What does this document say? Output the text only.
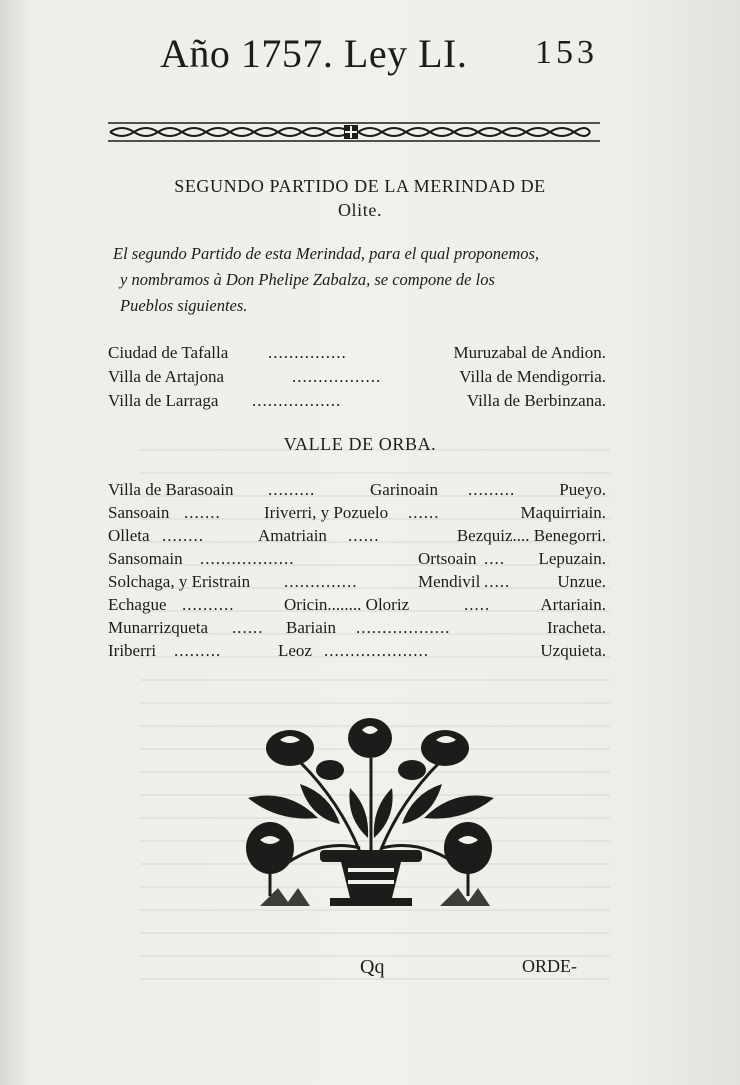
Año 1757. Ley LI. 153
SEGUNDO PARTIDO DE LA MERINDAD DE
Olite.
El segundo Partido de esta Merindad, para el qual proponemos,
y nombramos à Don Phelipe Zabalza, se compone de los
Pueblos siguientes.
Ciudad de Tafalla ...............	Muruzabal de Andion.
Villa de Artajona	.................	Villa de Mendigorria.
Villa de Larraga .................	Villa de Berbinzana.
VALLE DE ORBA.
Villa de Barasoain .........	Garinoain .........	Pueyo.
Sansoain .......	Iriverri, y Pozuelo ......	Maquirriain.
Olleta ........	Amatriain ......	Bezquiz.... Benegorri.
Sansomain ..................	Ortsoain .... Lepuzain.
Solchaga, y Eristrain ..............	Mendivil .....	Unzue.
Echague ..........	Oricin........ Oloriz	.....	Artariain.
Munarrizqueta ...... Bariain ..................	Iracheta.
Iriberri .........	Leoz ....................	Uzquieta.
Qq	ORDE-
